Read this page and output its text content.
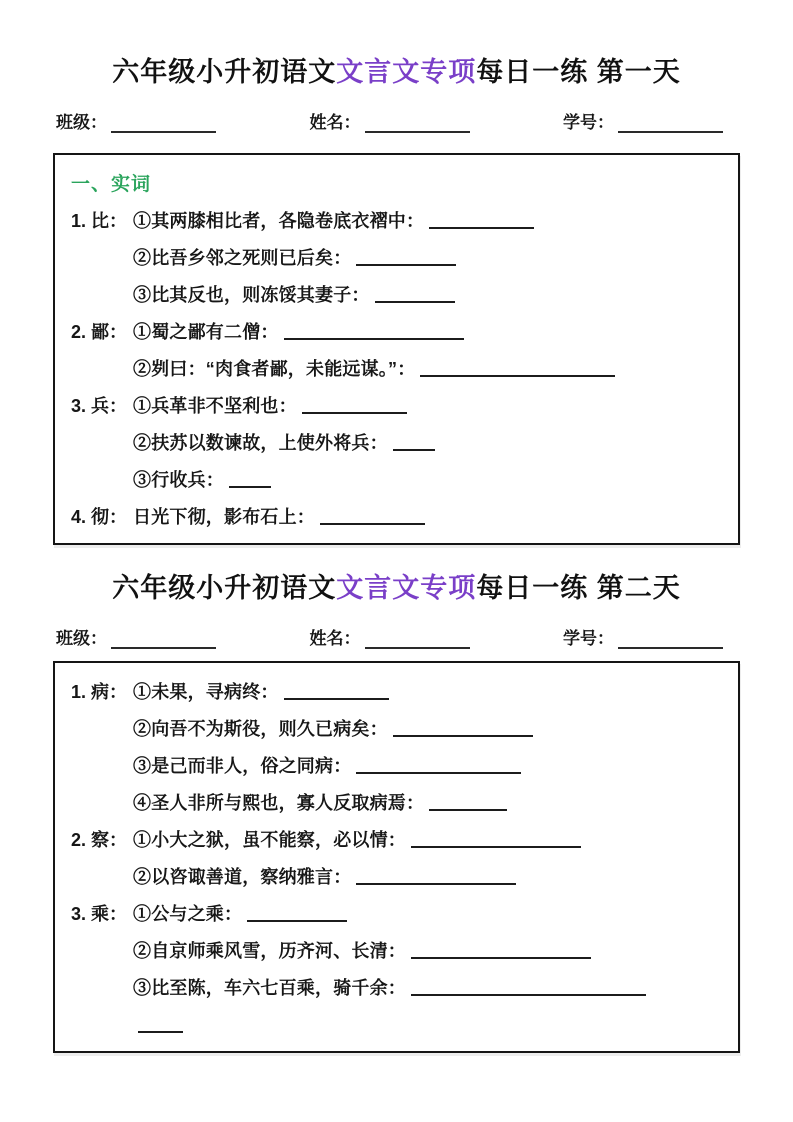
六年级小升初语文文言文专项每日一练 第一天
班级：	姓名：	学号：
一、实词
1. 比： ①其两膝相比者，各隐卷底衣褶中：
②比吾乡邻之死则已后矣：
③比其反也，则冻馁其妻子：
2. 鄙： ①蜀之鄙有二僧：
②刿曰：“肉食者鄙，未能远谋。”：
3. 兵： ①兵革非不坚利也：
②扶苏以数谏故，上使外将兵：
③行收兵：
4. 彻： 日光下彻，影布石上：
六年级小升初语文文言文专项每日一练 第二天
班级：	姓名：	学号：
1. 病： ①未果，寻病终：
②向吾不为斯役，则久已病矣：
③是己而非人，俗之同病：
④圣人非所与熙也，寡人反取病焉：
2. 察： ①小大之狱，虽不能察，必以情：
②以咨诹善道，察纳雅言：
3. 乘： ①公与之乘：
②自京师乘风雪，历齐河、长清：
③比至陈，车六七百乘，骑千余：
